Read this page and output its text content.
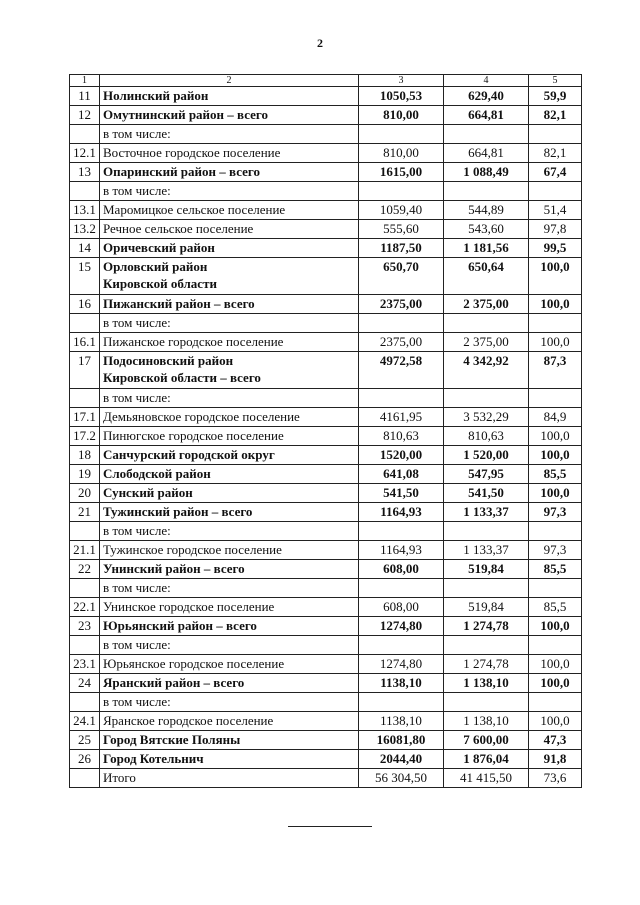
2
1	2	3	4	5
11	Нолинский район	1050,53	629,40	59,9
12	Омутнинский район – всего	810,00	664,81	82,1

	в том числе:			

12.1	Восточное городское поселение	810,00	664,81	82,1
13	Опаринский район – всего	1615,00	1 088,49	67,4

	в том числе:			

13.1	Маромицкое сельское поселение	1059,40	544,89	51,4
13.2	Речное сельское поселение	555,60	543,60	97,8
14	Оричевский район	1187,50	1 181,56	99,5
15	Орловский район
Кировской области	650,70	650,64	100,0
16	Пижанский район – всего	2375,00	2 375,00	100,0

	в том числе:			

16.1	Пижанское городское поселение	2375,00	2 375,00	100,0
17	Подосиновский район
Кировской области – всего	4972,58	4 342,92	87,3

	в том числе:			

17.1	Демьяновское городское поселение	4161,95	3 532,29	84,9
17.2	Пинюгское городское поселение	810,63	810,63	100,0
18	Санчурский городской округ	1520,00	1 520,00	100,0
19	Слободской район	641,08	547,95	85,5
20	Сунский район	541,50	541,50	100,0
21	Тужинский район – всего	1164,93	1 133,37	97,3

	в том числе:			

21.1	Тужинское городское поселение	1164,93	1 133,37	97,3
22	Унинский район – всего	608,00	519,84	85,5

	в том числе:			

22.1	Унинское городское поселение	608,00	519,84	85,5
23	Юрьянский район – всего	1274,80	1 274,78	100,0

	в том числе:			

23.1	Юрьянское городское поселение	1274,80	1 274,78	100,0
24	Яранский район – всего	1138,10	1 138,10	100,0

	в том числе:			

24.1	Яранское городское поселение	1138,10	1 138,10	100,0
25	Город Вятские Поляны	16081,80	7 600,00	47,3
26	Город Котельнич	2044,40	1 876,04	91,8

	Итого	56 304,50	41 415,50	73,6
